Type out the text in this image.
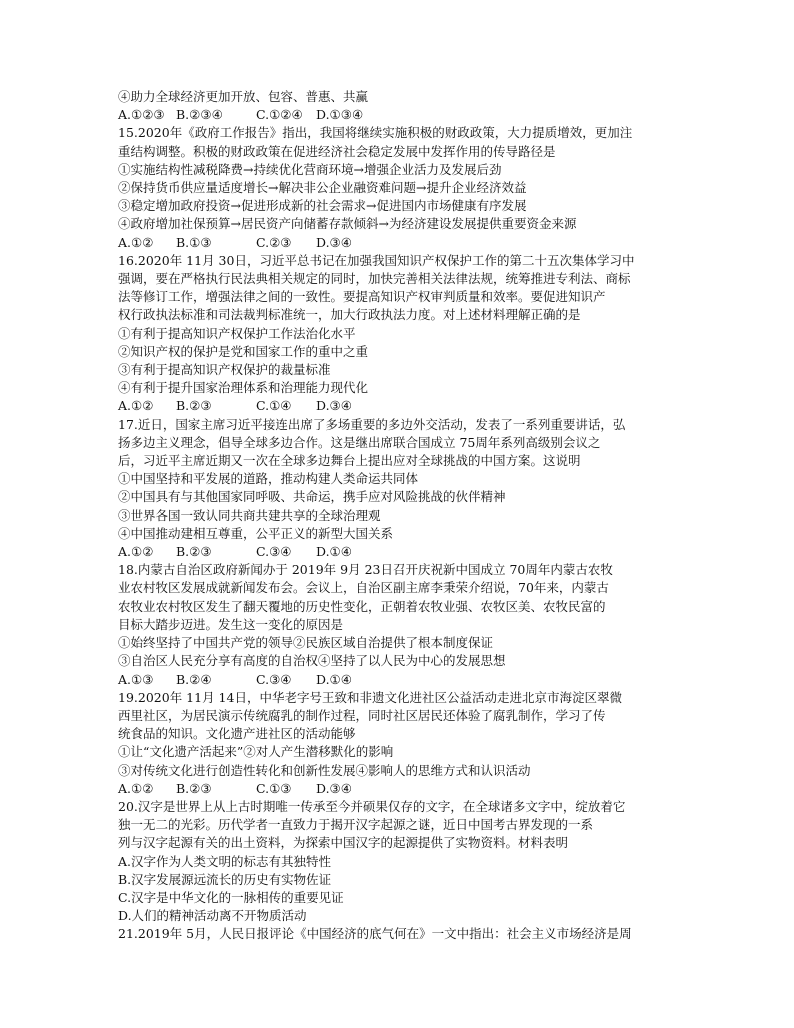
④助力全球经济更加开放、包容、普惠、共赢
A.①②③ B.②③④	C.①②④	D.①③④
15.2020年《政府工作报告》指出，我国将继续实施积极的财政政策，大力提质增效，更加注
重结构调整。积极的财政政策在促进经济社会稳定发展中发挥作用的传导路径是
①实施结构性减税降费→持续优化营商环境→增强企业活力及发展后劲
②保持货币供应量适度增长→解决非公企业融资难问题→提升企业经济效益
③稳定增加政府投资→促进形成新的社会需求→促进国内市场健康有序发展
④政府增加社保预算→居民资产向储蓄存款倾斜→为经济建设发展提供重要资金来源
A.①②	B.①③	C.②③	D.③④
16.2020年 11月 30日，习近平总书记在加强我国知识产权保护工作的第二十五次集体学习中
强调，要在严格执行民法典相关规定的同时，加快完善相关法律法规，统筹推进专利法、商标
法等修订工作，增强法律之间的一致性。要提高知识产权审判质量和效率。要促进知识产
权行政执法标准和司法裁判标准统一，加大行政执法力度。对上述材料理解正确的是
①有利于提高知识产权保护工作法治化水平
②知识产权的保护是党和国家工作的重中之重
③有利于提高知识产权保护的裁量标准
④有利于提升国家治理体系和治理能力现代化
A.①②	B.②③	C.①④	D.③④
17.近日，国家主席习近平接连出席了多场重要的多边外交活动，发表了一系列重要讲话，弘
扬多边主义理念，倡导全球多边合作。这是继出席联合国成立 75周年系列高级别会议之
后，习近平主席近期又一次在全球多边舞台上提出应对全球挑战的中国方案。这说明
①中国坚持和平发展的道路，推动构建人类命运共同体
②中国具有与其他国家同呼吸、共命运，携手应对风险挑战的伙伴精神
③世界各国一致认同共商共建共享的全球治理观
④中国推动建相互尊重，公平正义的新型大国关系
A.①②	B.②③	C.③④	D.①④
18.内蒙古自治区政府新闻办于 2019年 9月 23日召开庆祝新中国成立 70周年内蒙古农牧
业农村牧区发展成就新闻发布会。会议上，自治区副主席李秉荣介绍说，70年来，内蒙古
农牧业农村牧区发生了翻天覆地的历史性变化，正朝着农牧业强、农牧区美、农牧民富的
目标大踏步迈进。发生这一变化的原因是
①始终坚持了中国共产党的领导②民族区域自治提供了根本制度保证
③自治区人民充分享有高度的自治权④坚持了以人民为中心的发展思想
A.①③	B.②④	C.③④	D.①④
19.2020年 11月 14日，中华老字号王致和非遗文化进社区公益活动走进北京市海淀区翠微
西里社区，为居民演示传统腐乳的制作过程，同时社区居民还体验了腐乳制作，学习了传
统食品的知识。文化遗产进社区的活动能够
①让“文化遗产活起来”②对人产生潜移默化的影响
③对传统文化进行创造性转化和创新性发展④影响人的思维方式和认识活动
A.①②	B.②③	C.①③	D.③④
20.汉字是世界上从上古时期唯一传承至今并硕果仅存的文字，在全球诸多文字中，绽放着它
独一无二的光彩。历代学者一直致力于揭开汉字起源之谜，近日中国考古界发现的一系
列与汉字起源有关的出土资料，为探索中国汉字的起源提供了实物资料。材料表明
A.汉字作为人类文明的标志有其独特性
B.汉字发展源远流长的历史有实物佐证
C.汉字是中华文化的一脉相传的重要见证
D.人们的精神活动离不开物质活动
21.2019年 5月，人民日报评论《中国经济的底气何在》一文中指出：社会主义市场经济是周
